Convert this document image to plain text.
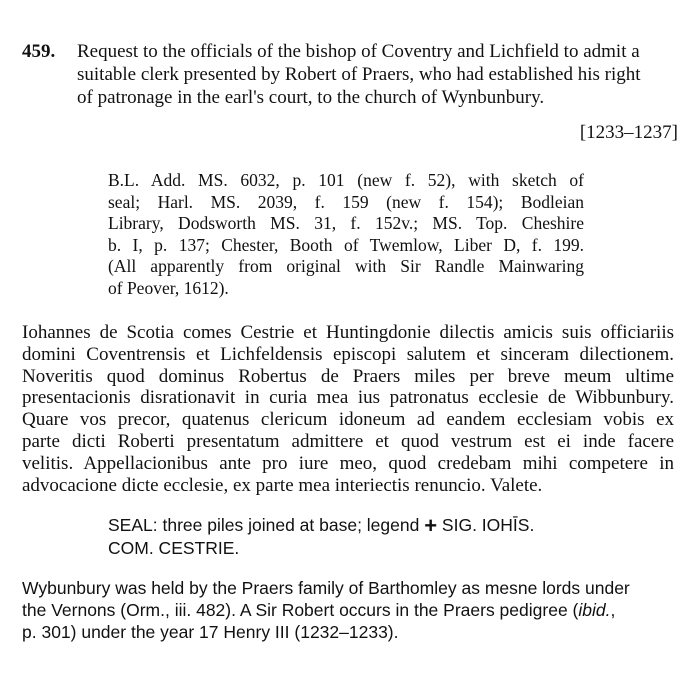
459. Request to the officials of the bishop of Coventry and Lichfield to admit a
suitable clerk presented by Robert of Praers, who had established his right
of patronage in the earl's court, to the church of Wynbunbury.
[1233–1237]
B.L. Add. MS. 6032, p. 101 (new f. 52), with sketch of
seal; Harl. MS. 2039, f. 159 (new f. 154); Bodleian
Library, Dodsworth MS. 31, f. 152v.; MS. Top. Cheshire
b. I, p. 137; Chester, Booth of Twemlow, Liber D, f. 199.
(All apparently from original with Sir Randle Mainwaring
of Peover, 1612).
Iohannes de Scotia comes Cestrie et Huntingdonie dilectis amicis suis officiariis
domini Coventrensis et Lichfeldensis episcopi salutem et sinceram dilectionem.
Noveritis quod dominus Robertus de Praers miles per breve meum ultime
presentacionis disrationavit in curia mea ius patronatus ecclesie de Wibbunbury.
Quare vos precor, quatenus clericum idoneum ad eandem ecclesiam vobis ex
parte dicti Roberti presentatum admittere et quod vestrum est ei inde facere
velitis. Appellacionibus ante pro iure meo, quod credebam mihi competere in
advocacione dicte ecclesie, ex parte mea interiectis renuncio. Valete.
SEAL: three piles joined at base; legend + SIG. IOHĪS.
COM. CESTRIE.
Wybunbury was held by the Praers family of Barthomley as mesne lords under
the Vernons (Orm., iii. 482). A Sir Robert occurs in the Praers pedigree (ibid.,
p. 301) under the year 17 Henry III (1232–1233).
